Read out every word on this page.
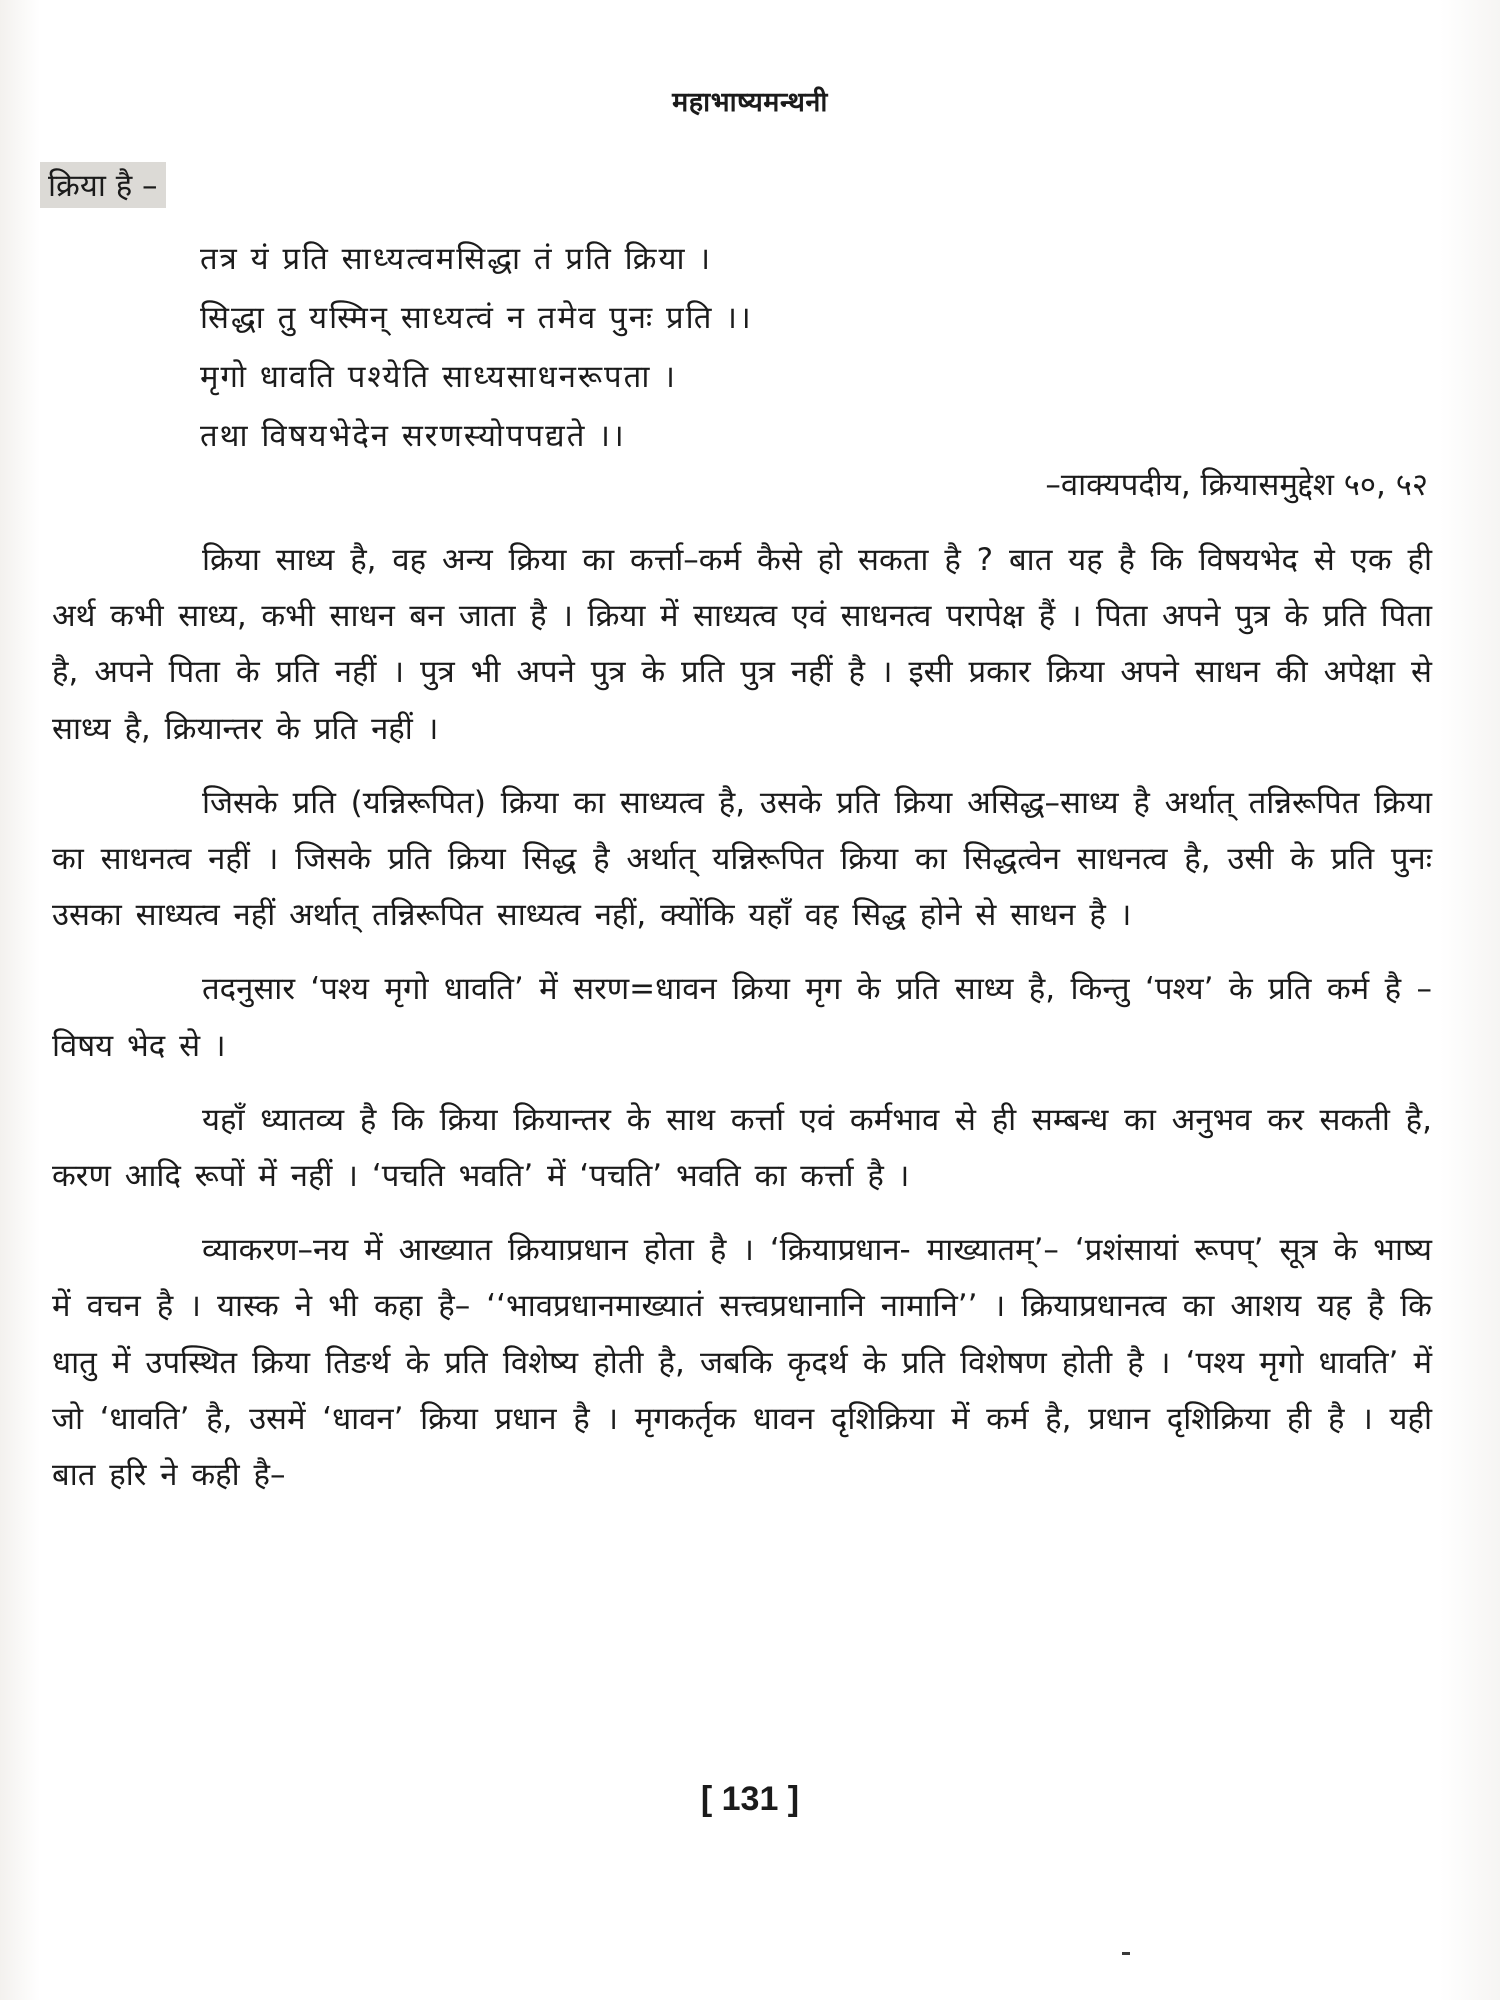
महाभाष्यमन्थनी
क्रिया है –
तत्र यं प्रति साध्यत्वमसिद्धा तं प्रति क्रिया ।
सिद्धा तु यस्मिन् साध्यत्वं न तमेव पुनः प्रति ।।
मृगो धावति पश्येति साध्यसाधनरूपता ।
तथा विषयभेदेन सरणस्योपपद्यते ।।
–वाक्यपदीय, क्रियासमुद्देश ५०, ५२

क्रिया साध्य है, वह अन्य क्रिया का कर्त्ता–कर्म कैसे हो सकता है ? बात यह है कि विषयभेद से एक ही अर्थ कभी साध्य, कभी साधन बन जाता है । क्रिया में साध्यत्व एवं साधनत्व परापेक्ष हैं । पिता अपने पुत्र के प्रति पिता है, अपने पिता के प्रति नहीं । पुत्र भी अपने पुत्र के प्रति पुत्र नहीं है । इसी प्रकार क्रिया अपने साधन की अपेक्षा से साध्य है, क्रियान्तर के प्रति नहीं ।

जिसके प्रति (यन्निरूपित) क्रिया का साध्यत्व है, उसके प्रति क्रिया असिद्ध–साध्य है अर्थात् तन्निरूपित क्रिया का साधनत्व नहीं । जिसके प्रति क्रिया सिद्ध है अर्थात् यन्निरूपित क्रिया का सिद्धत्वेन साधनत्व है, उसी के प्रति पुनः उसका साध्यत्व नहीं अर्थात् तन्निरूपित साध्यत्व नहीं, क्योंकि यहाँ वह सिद्ध होने से साधन है ।

तदनुसार ‘पश्य मृगो धावति’ में सरण=धावन क्रिया मृग के प्रति साध्य है, किन्तु ‘पश्य’ के प्रति कर्म है – विषय भेद से ।

यहाँ ध्यातव्य है कि क्रिया क्रियान्तर के साथ कर्त्ता एवं कर्मभाव से ही सम्बन्ध का अनुभव कर सकती है, करण आदि रूपों में नहीं । ‘पचति भवति’ में ‘पचति’ भवति का कर्त्ता है ।

व्याकरण–नय में आख्यात क्रियाप्रधान होता है । ‘क्रियाप्रधान- माख्यातम्’– ‘प्रशंसायां रूपप्’ सूत्र के भाष्य में वचन है । यास्क ने भी कहा है– ‘‘भावप्रधानमाख्यातं सत्त्वप्रधानानि नामानि’’ । क्रियाप्रधानत्व का आशय यह है कि धातु में उपस्थित क्रिया तिङर्थ के प्रति विशेष्य होती है, जबकि कृदर्थ के प्रति विशेषण होती है । ‘पश्य मृगो धावति’ में जो ‘धावति’ है, उसमें ‘धावन’ क्रिया प्रधान है । मृगकर्तृक धावन दृशिक्रिया में कर्म है, प्रधान दृशिक्रिया ही है । यही बात हरि ने कही है–

[ 131 ]
